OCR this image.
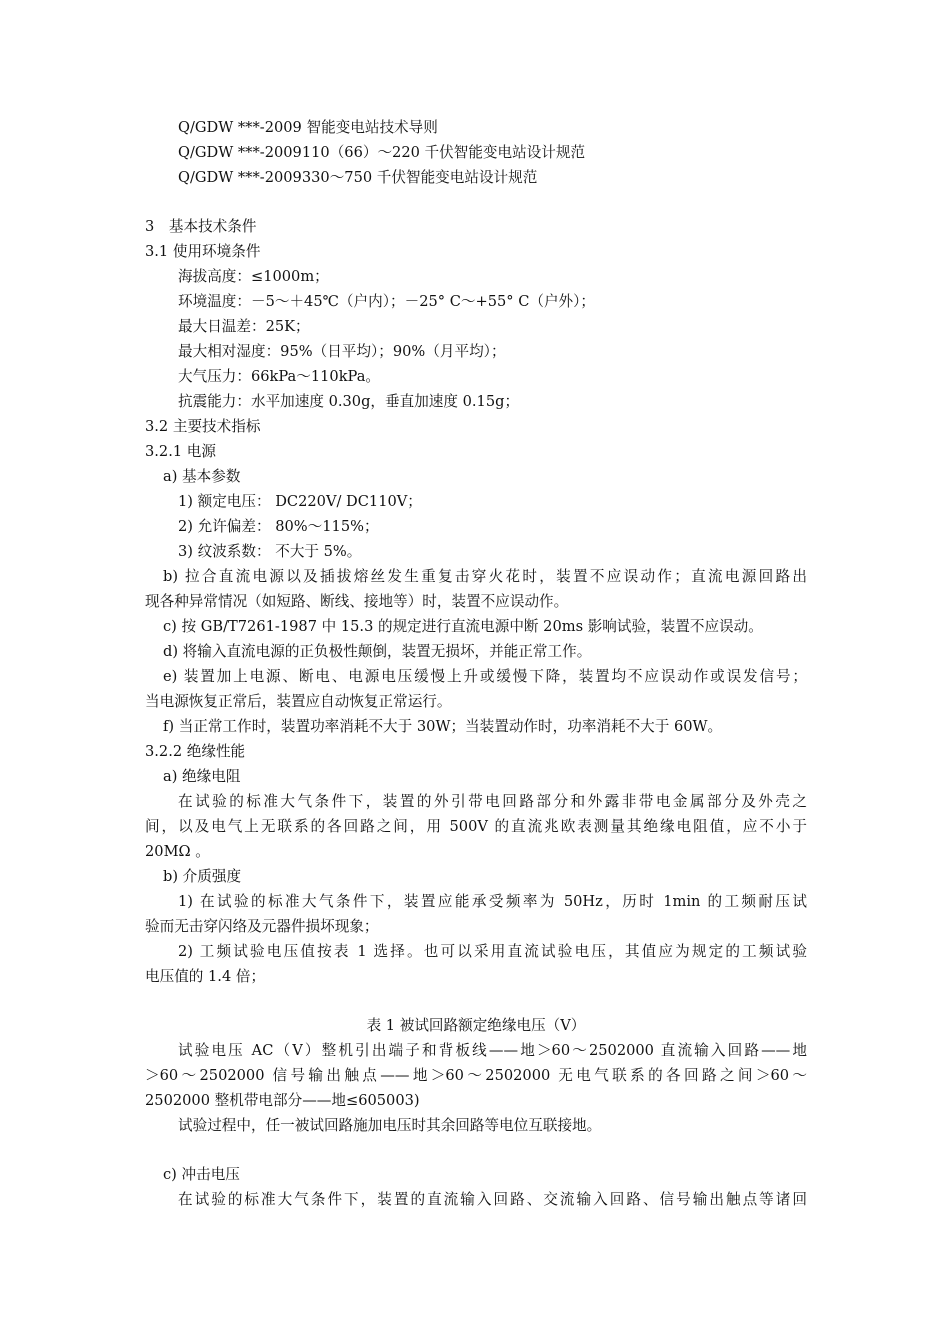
Q/GDW ***-2009 智能变电站技术导则
Q/GDW ***-2009110（66）～220 千伏智能变电站设计规范
Q/GDW ***-2009330～750 千伏智能变电站设计规范
3　基本技术条件
3.1 使用环境条件
海拔高度：≤1000m；
环境温度：－5～＋45℃（户内）；－25° C～+55° C（户外）；
最大日温差：25K；
最大相对湿度：95%（日平均）；90%（月平均）；
大气压力：66kPa～110kPa。
抗震能力：水平加速度 0.30g，垂直加速度 0.15g；
3.2 主要技术指标
3.2.1 电源
a) 基本参数
1) 额定电压： DC220V/ DC110V；
2) 允许偏差： 80%～115%；
3) 纹波系数： 不大于 5%。
b) 拉合直流电源以及插拔熔丝发生重复击穿火花时，装置不应误动作；直流电源回路出
现各种异常情况（如短路、断线、接地等）时，装置不应误动作。
c) 按 GB/T7261-1987 中 15.3 的规定进行直流电源中断 20ms 影响试验，装置不应误动。
d) 将输入直流电源的正负极性颠倒，装置无损坏，并能正常工作。
e) 装置加上电源、断电、电源电压缓慢上升或缓慢下降，装置均不应误动作或误发信号；
当电源恢复正常后，装置应自动恢复正常运行。
f) 当正常工作时，装置功率消耗不大于 30W；当装置动作时，功率消耗不大于 60W。
3.2.2 绝缘性能
a) 绝缘电阻
在试验的标准大气条件下，装置的外引带电回路部分和外露非带电金属部分及外壳之
间，以及电气上无联系的各回路之间，用 500V 的直流兆欧表测量其绝缘电阻值，应不小于
20MΩ 。
b) 介质强度
1) 在试验的标准大气条件下，装置应能承受频率为 50Hz，历时 1min 的工频耐压试
验而无击穿闪络及元器件损坏现象；
2) 工频试验电压值按表 1 选择。也可以采用直流试验电压，其值应为规定的工频试验
电压值的 1.4 倍；
表 1 被试回路额定绝缘电压（V）
试验电压 AC（V）整机引出端子和背板线——地＞60～2502000 直流输入回路——地
＞60～2502000 信号输出触点——地＞60～2502000 无电气联系的各回路之间＞60～
2502000 整机带电部分——地≤605003)
试验过程中，任一被试回路施加电压时其余回路等电位互联接地。
c) 冲击电压
在试验的标准大气条件下，装置的直流输入回路、交流输入回路、信号输出触点等诸回
